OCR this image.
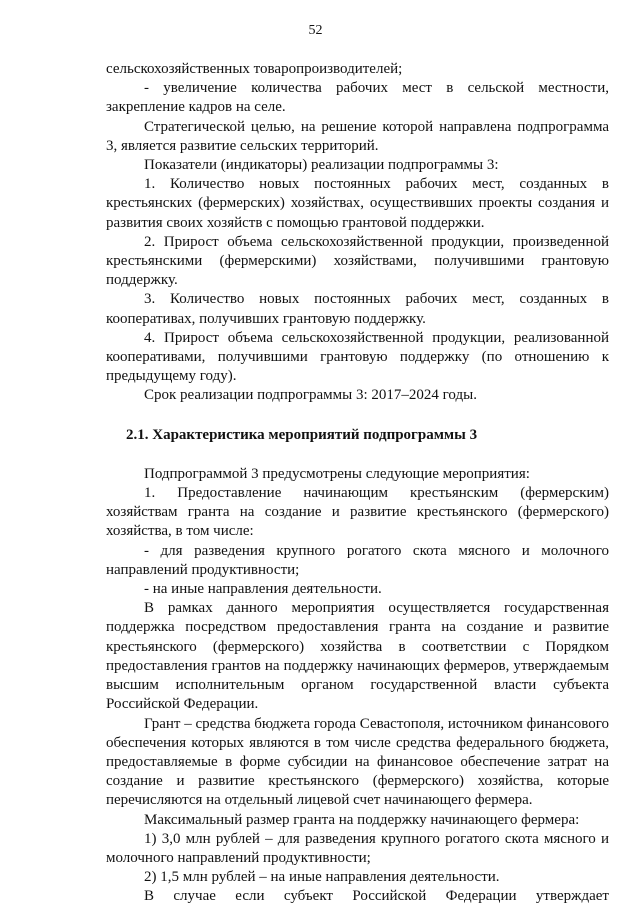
52
сельскохозяйственных товаропроизводителей;
- увеличение количества рабочих мест в сельской местности, закрепление кадров на селе.
Стратегической целью, на решение которой направлена подпрограмма 3, является развитие сельских территорий.
Показатели (индикаторы) реализации подпрограммы 3:
1. Количество новых постоянных рабочих мест, созданных в крестьянских (фермерских) хозяйствах, осуществивших проекты создания и развития своих хозяйств с помощью грантовой поддержки.
2. Прирост объема сельскохозяйственной продукции, произведенной крестьянскими (фермерскими) хозяйствами, получившими грантовую поддержку.
3. Количество новых постоянных рабочих мест, созданных в кооперативах, получивших грантовую поддержку.
4. Прирост объема сельскохозяйственной продукции, реализованной кооперативами, получившими грантовую поддержку (по отношению к предыдущему году).
Срок реализации подпрограммы 3: 2017–2024 годы.
2.1. Характеристика мероприятий подпрограммы 3
Подпрограммой 3 предусмотрены следующие мероприятия:
1. Предоставление начинающим крестьянским (фермерским) хозяйствам гранта на создание и развитие крестьянского (фермерского) хозяйства, в том числе:
- для разведения крупного рогатого скота мясного и молочного направлений продуктивности;
- на иные направления деятельности.
В рамках данного мероприятия осуществляется государственная поддержка посредством предоставления гранта на создание и развитие крестьянского (фермерского) хозяйства в соответствии с Порядком предоставления грантов на поддержку начинающих фермеров, утверждаемым высшим исполнительным органом государственной власти субъекта Российской Федерации.
Грант – средства бюджета города Севастополя, источником финансового обеспечения которых являются в том числе средства федерального бюджета, предоставляемые в форме субсидии на финансовое обеспечение затрат на создание и развитие крестьянского (фермерского) хозяйства, которые перечисляются на отдельный лицевой счет начинающего фермера.
Максимальный размер гранта на поддержку начинающего фермера:
1) 3,0 млн рублей – для разведения крупного рогатого скота мясного и молочного направлений продуктивности;
2) 1,5 млн рублей – на иные направления деятельности.
В случае если субъект Российской Федерации утверждает
